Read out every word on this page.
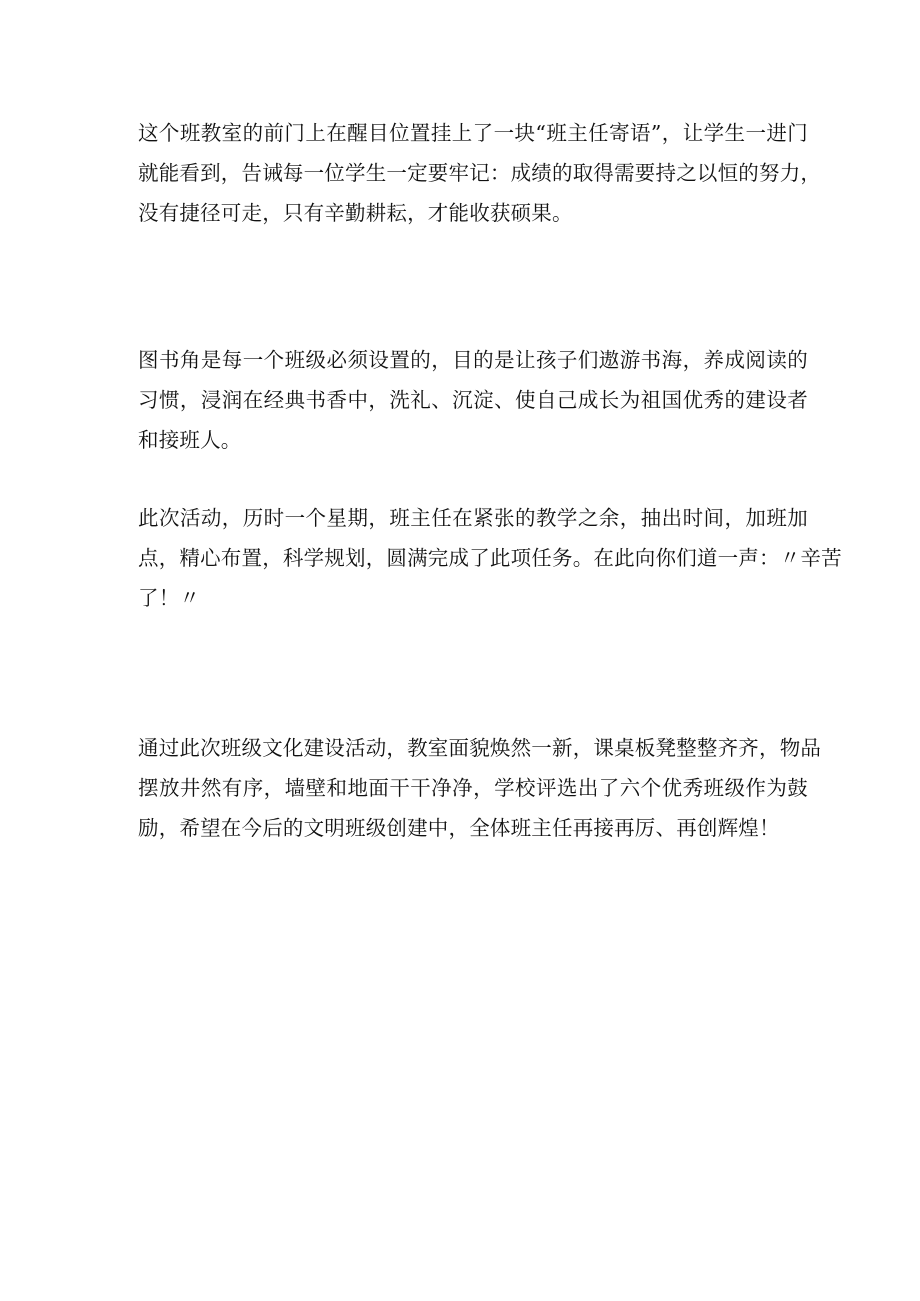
这个班教室的前门上在醒目位置挂上了一块“班主任寄语”，让学生一进门
就能看到，告诫每一位学生一定要牢记：成绩的取得需要持之以恒的努力，
没有捷径可走，只有辛勤耕耘，才能收获硕果。

图书角是每一个班级必须设置的，目的是让孩子们遨游书海，养成阅读的
习惯，浸润在经典书香中，洗礼、沉淀、使自己成长为祖国优秀的建设者
和接班人。

此次活动，历时一个星期，班主任在紧张的教学之余，抽出时间，加班加
点，精心布置，科学规划，圆满完成了此项任务。在此向你们道一声：〃辛苦
了！〃

通过此次班级文化建设活动，教室面貌焕然一新，课桌板凳整整齐齐，物品
摆放井然有序，墙壁和地面干干净净，学校评选出了六个优秀班级作为鼓
励，希望在今后的文明班级创建中，全体班主任再接再厉、再创辉煌！
